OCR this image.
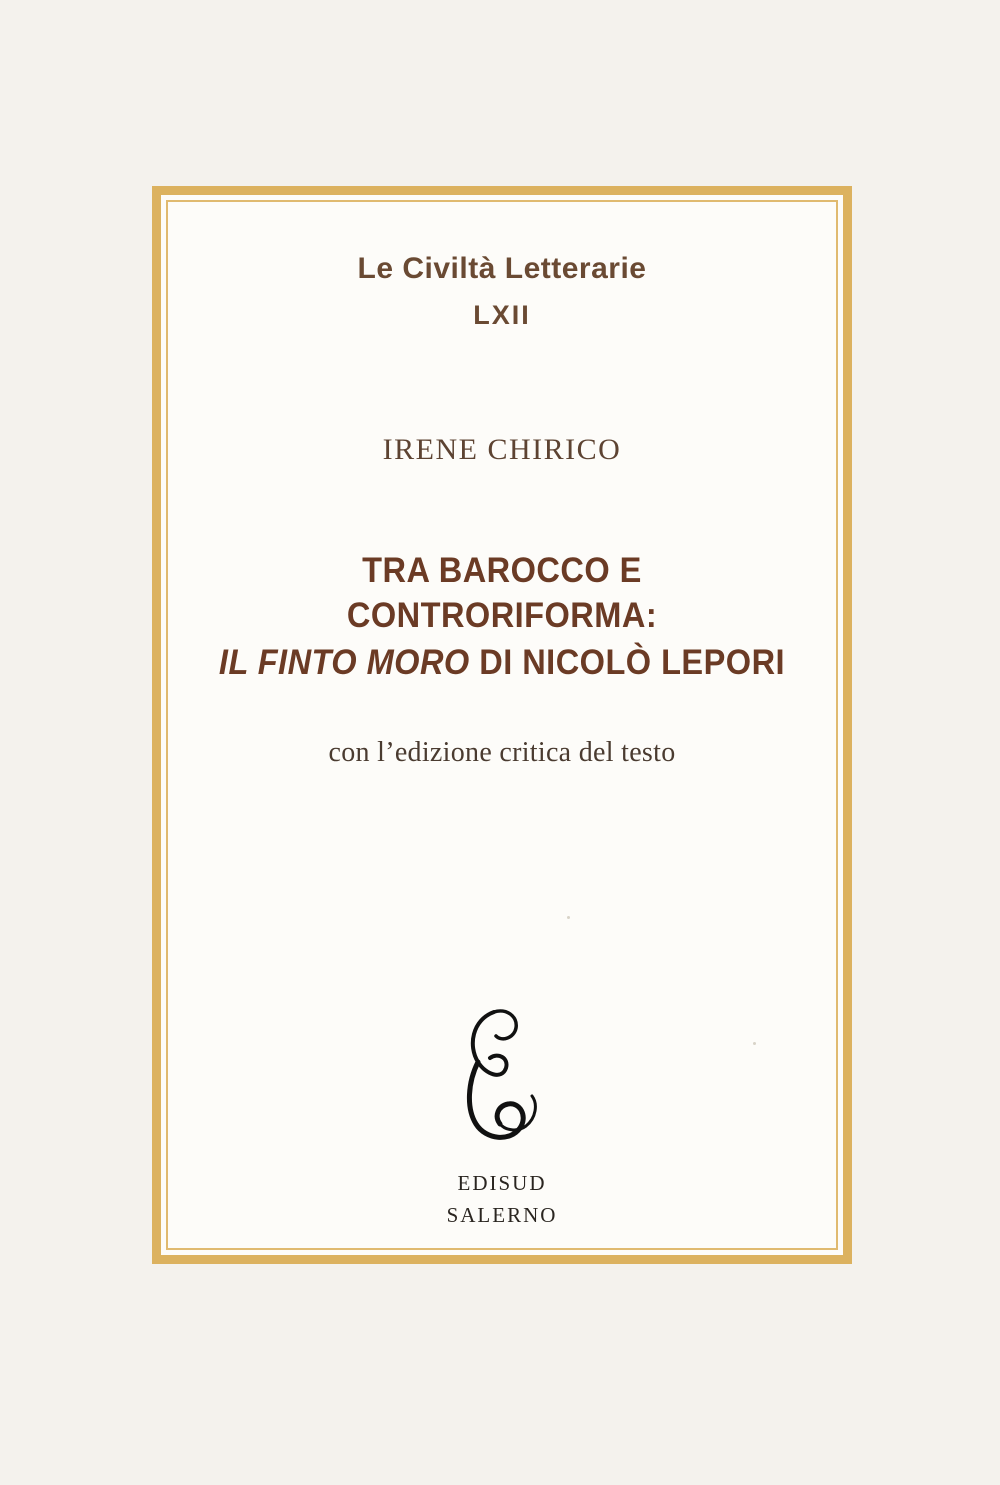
Le Civiltà Letterarie
LXII
IRENE CHIRICO
TRA BAROCCO E CONTRORIFORMA:
IL FINTO MORO DI NICOLÒ LEPORI
con l’edizione critica del testo
EDISUD
SALERNO
